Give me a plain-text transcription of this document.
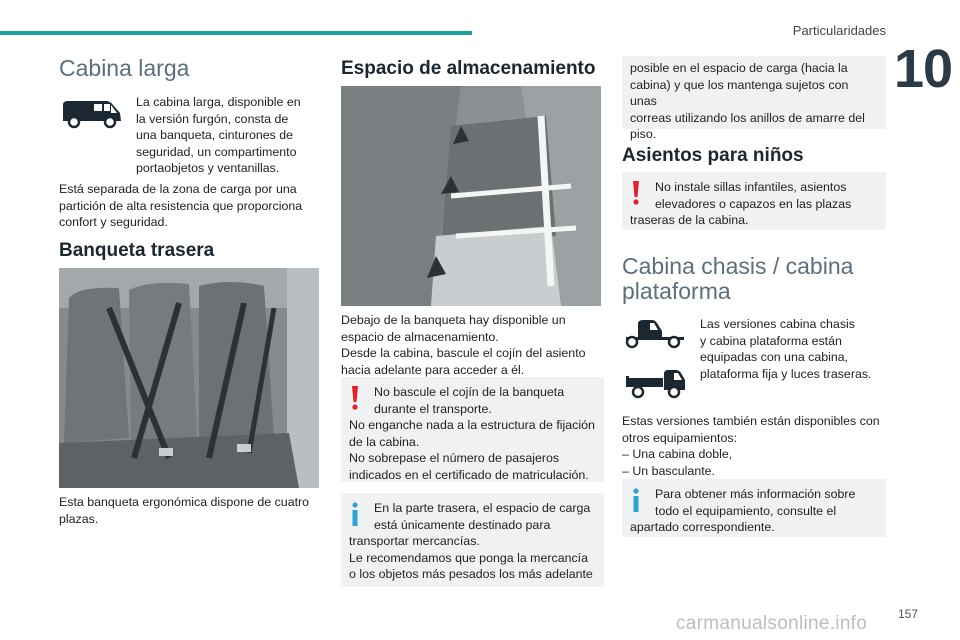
Particularidades
10
Cabina larga

La cabina larga, disponible en

la versión furgón, consta de

una banqueta, cinturones de

seguridad, un compartimento

portaobjetos y ventanillas.

Está separada de la zona de carga por una

partición de alta resistencia que proporciona

confort y seguridad.

Banqueta trasera

Esta banqueta ergonómica dispone de cuatro

plazas.

Espacio de almacenamiento

Debajo de la banqueta hay disponible un

espacio de almacenamiento.

Desde la cabina, bascule el cojín del asiento

hacia adelante para acceder a él.

No bascule el cojín de la banqueta

durante el transporte.

No enganche nada a la estructura de fijación

de la cabina.

No sobrepase el número de pasajeros

indicados en el certificado de matriculación.

En la parte trasera, el espacio de carga

está únicamente destinado para

transportar mercancías.

Le recomendamos que ponga la mercancía

o los objetos más pesados los más adelante

posible en el espacio de carga (hacia la

cabina) y que los mantenga sujetos con unas

correas utilizando los anillos de amarre del

piso.

Asientos para niños

No instale sillas infantiles, asientos

elevadores o capazos en las plazas

traseras de la cabina.

Cabina chasis / cabina
plataforma

Las versiones cabina chasis

y cabina plataforma están

equipadas con una cabina,

plataforma fija y luces traseras.

Estas versiones también están disponibles con

otros equipamientos:

– Una cabina doble,

– Un basculante.

Para obtener más información sobre

todo el equipamiento, consulte el

apartado correspondiente.

157
carmanualsonline.info
